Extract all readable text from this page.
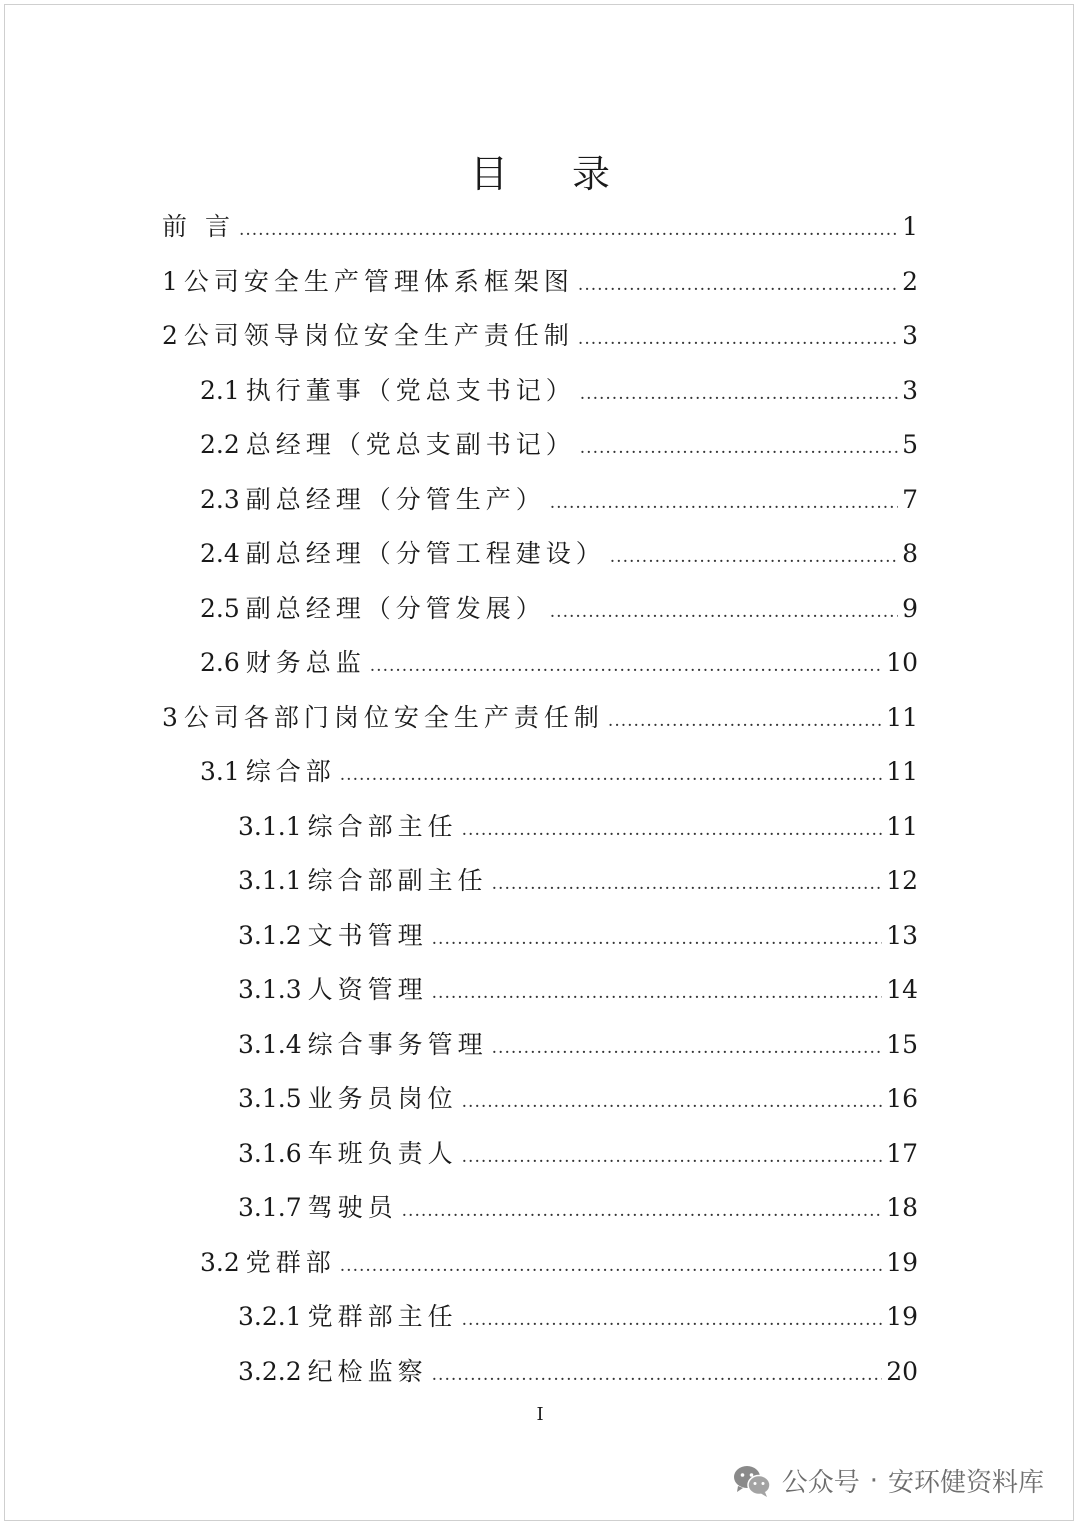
目 录
前 言 .....	1
1 公司安全生产管理体系框架图 .....	2
2 公司领导岗位安全生产责任制 .....	3
2.1 执行董事（党总支书记） .....	3
2.2 总经理（党总支副书记） .....	5
2.3 副总经理（分管生产） .....	7
2.4 副总经理（分管工程建设） .....	8
2.5 副总经理（分管发展） .....	9
2.6 财务总监 .....	10
3 公司各部门岗位安全生产责任制 .....	11
3.1 综合部 .....	11
3.1.1 综合部主任 .....	11
3.1.1 综合部副主任 .....	12
3.1.2 文书管理 .....	13
3.1.3 人资管理 .....	14
3.1.4 综合事务管理 .....	15
3.1.5 业务员岗位 .....	16
3.1.6 车班负责人 .....	17
3.1.7 驾驶员 .....	18
3.2 党群部 .....	19
3.2.1 党群部主任 .....	19
3.2.2 纪检监察 .....	20
I
公众号 · 安环健资料库
